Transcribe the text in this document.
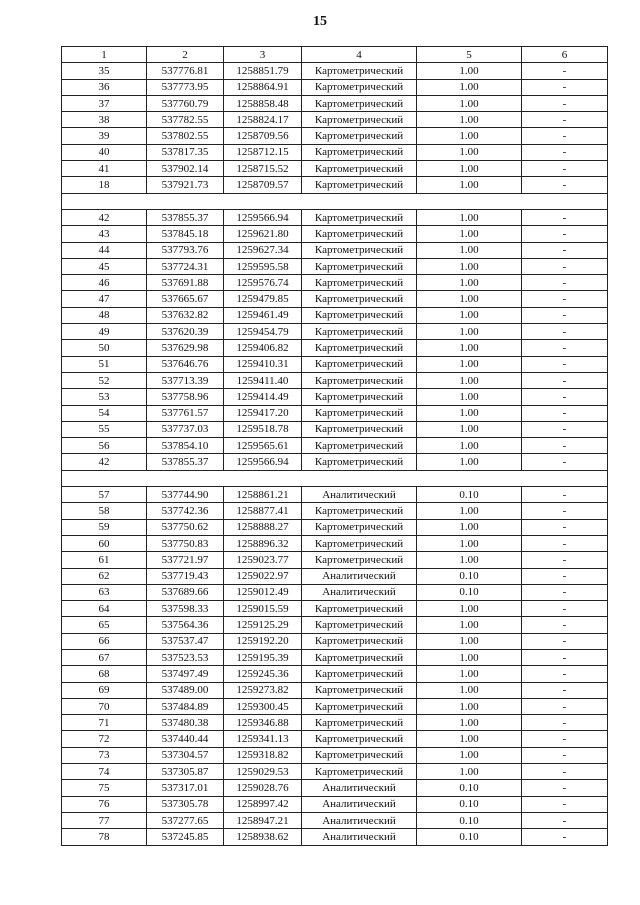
15
1	2	3	4	5	6
35	537776.81	1258851.79	Картометрический	1.00	-
36	537773.95	1258864.91	Картометрический	1.00	-
37	537760.79	1258858.48	Картометрический	1.00	-
38	537782.55	1258824.17	Картометрический	1.00	-
39	537802.55	1258709.56	Картометрический	1.00	-
40	537817.35	1258712.15	Картометрический	1.00	-
41	537902.14	1258715.52	Картометрический	1.00	-
18	537921.73	1258709.57	Картометрический	1.00	-

42	537855.37	1259566.94	Картометрический	1.00	-
43	537845.18	1259621.80	Картометрический	1.00	-
44	537793.76	1259627.34	Картометрический	1.00	-
45	537724.31	1259595.58	Картометрический	1.00	-
46	537691.88	1259576.74	Картометрический	1.00	-
47	537665.67	1259479.85	Картометрический	1.00	-
48	537632.82	1259461.49	Картометрический	1.00	-
49	537620.39	1259454.79	Картометрический	1.00	-
50	537629.98	1259406.82	Картометрический	1.00	-
51	537646.76	1259410.31	Картометрический	1.00	-
52	537713.39	1259411.40	Картометрический	1.00	-
53	537758.96	1259414.49	Картометрический	1.00	-
54	537761.57	1259417.20	Картометрический	1.00	-
55	537737.03	1259518.78	Картометрический	1.00	-
56	537854.10	1259565.61	Картометрический	1.00	-
42	537855.37	1259566.94	Картометрический	1.00	-

57	537744.90	1258861.21	Аналитический	0.10	-
58	537742.36	1258877.41	Картометрический	1.00	-
59	537750.62	1258888.27	Картометрический	1.00	-
60	537750.83	1258896.32	Картометрический	1.00	-
61	537721.97	1259023.77	Картометрический	1.00	-
62	537719.43	1259022.97	Аналитический	0.10	-
63	537689.66	1259012.49	Аналитический	0.10	-
64	537598.33	1259015.59	Картометрический	1.00	-
65	537564.36	1259125.29	Картометрический	1.00	-
66	537537.47	1259192.20	Картометрический	1.00	-
67	537523.53	1259195.39	Картометрический	1.00	-
68	537497.49	1259245.36	Картометрический	1.00	-
69	537489.00	1259273.82	Картометрический	1.00	-
70	537484.89	1259300.45	Картометрический	1.00	-
71	537480.38	1259346.88	Картометрический	1.00	-
72	537440.44	1259341.13	Картометрический	1.00	-
73	537304.57	1259318.82	Картометрический	1.00	-
74	537305.87	1259029.53	Картометрический	1.00	-
75	537317.01	1259028.76	Аналитический	0.10	-
76	537305.78	1258997.42	Аналитический	0.10	-
77	537277.65	1258947.21	Аналитический	0.10	-
78	537245.85	1258938.62	Аналитический	0.10	-
